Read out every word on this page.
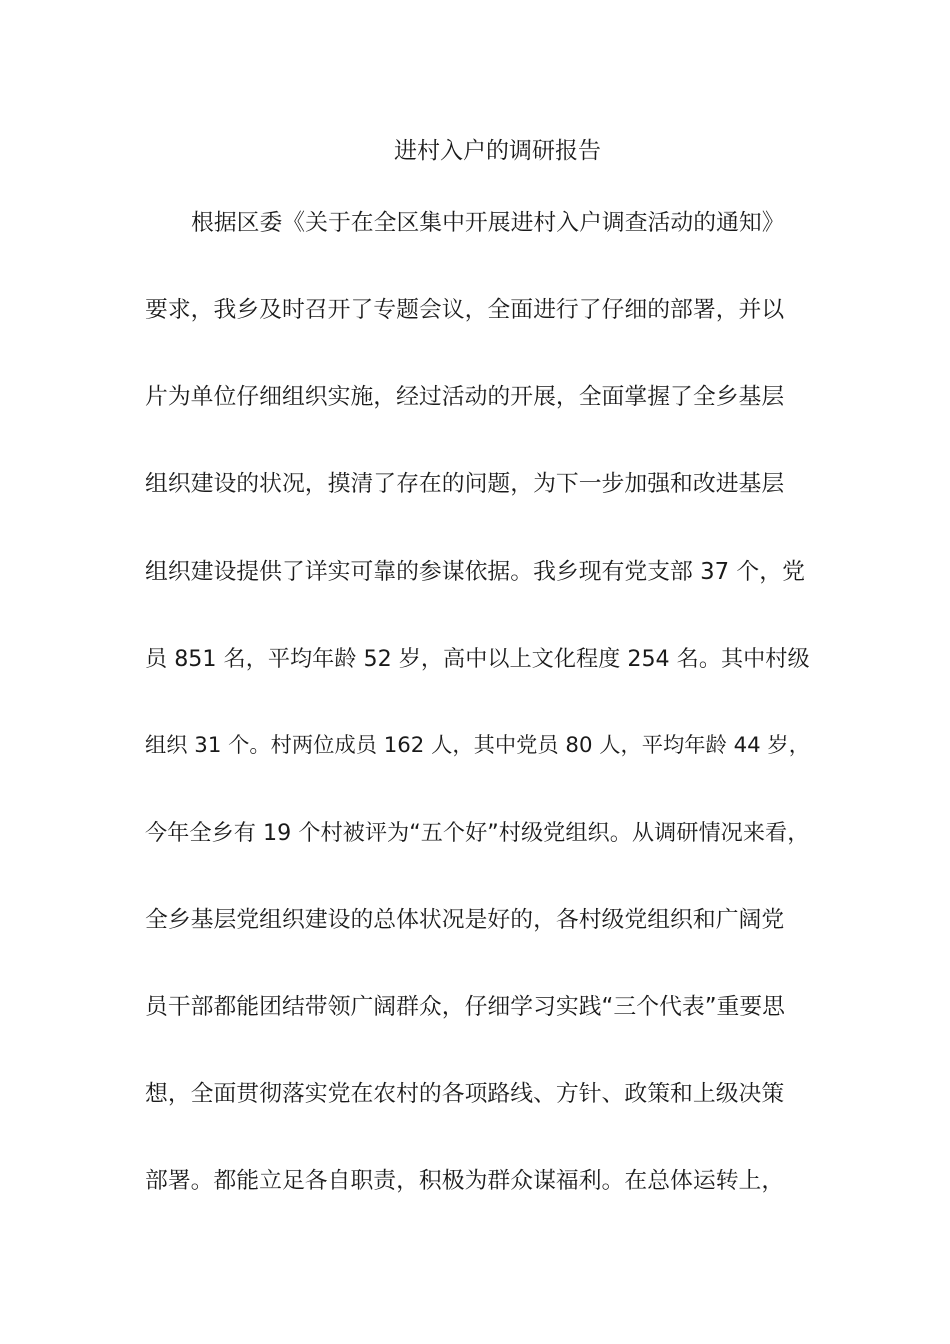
进村入户的调研报告
根据区委《关于在全区集中开展进村入户调查活动的通知》
要求，我乡及时召开了专题会议，全面进行了仔细的部署，并以
片为单位仔细组织实施，经过活动的开展，全面掌握了全乡基层
组织建设的状况，摸清了存在的问题，为下一步加强和改进基层
组织建设提供了详实可靠的参谋依据。我乡现有党支部 37 个，党
员 851 名，平均年龄 52 岁，高中以上文化程度 254 名。其中村级
组织 31 个。村两位成员 162 人，其中党员 80 人，平均年龄 44 岁，
今年全乡有 19 个村被评为“五个好”村级党组织。从调研情况来看，
全乡基层党组织建设的总体状况是好的，各村级党组织和广阔党
员干部都能团结带领广阔群众，仔细学习实践“三个代表”重要思
想，全面贯彻落实党在农村的各项路线、方针、政策和上级决策
部署。都能立足各自职责，积极为群众谋福利。在总体运转上，
